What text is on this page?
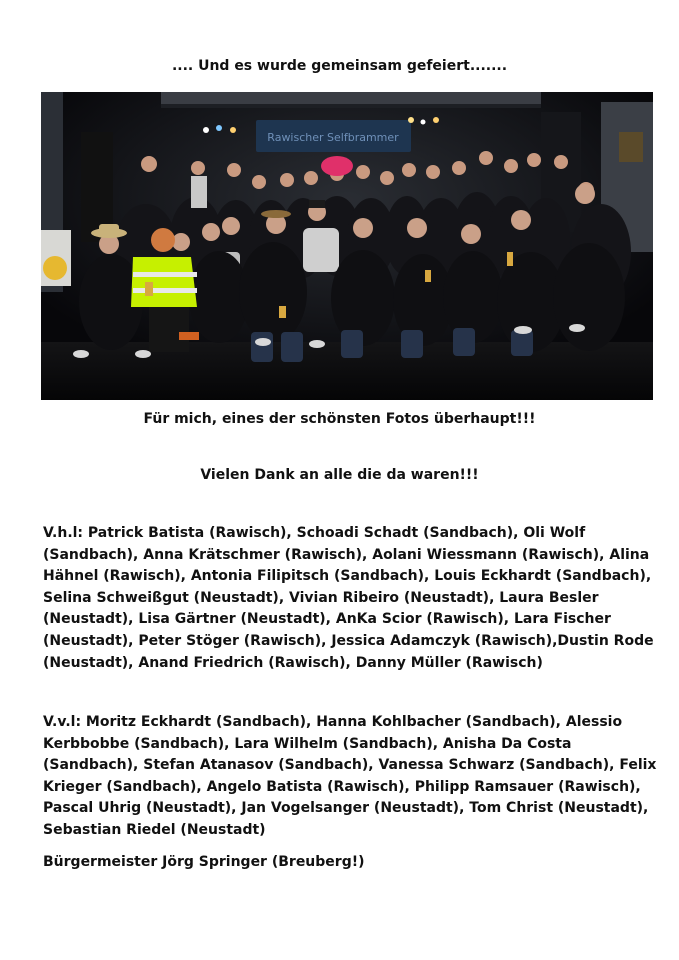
.... Und es wurde gemeinsam gefeiert.......
Rawischer Selfbrammer
Für mich, eines der schönsten Fotos überhaupt!!!
Vielen Dank an alle die da waren!!!

V.h.l: Patrick Batista (Rawisch), Schoadi Schadt (Sandbach), Oli Wolf (Sandbach), Anna Krätschmer (Rawisch), Aolani Wiessmann (Rawisch), Alina Hähnel (Rawisch), Antonia Filipitsch (Sandbach), Louis Eckhardt (Sandbach), Selina Schweißgut (Neustadt), Vivian Ribeiro (Neustadt), Laura Besler (Neustadt), Lisa Gärtner (Neustadt), AnKa Scior (Rawisch), Lara Fischer (Neustadt), Peter Stöger (Rawisch), Jessica Adamczyk (Rawisch),Dustin Rode (Neustadt), Anand Friedrich (Rawisch), Danny Müller (Rawisch)

V.v.l: Moritz Eckhardt (Sandbach), Hanna Kohlbacher (Sandbach), Alessio Kerbbobbe (Sandbach), Lara Wilhelm (Sandbach), Anisha Da Costa (Sandbach), Stefan Atanasov (Sandbach), Vanessa Schwarz (Sandbach), Felix Krieger (Sandbach), Angelo Batista (Rawisch), Philipp Ramsauer (Rawisch), Pascal Uhrig (Neustadt), Jan Vogelsanger (Neustadt), Tom Christ (Neustadt), Sebastian Riedel (Neustadt)

Bürgermeister Jörg Springer (Breuberg!)
